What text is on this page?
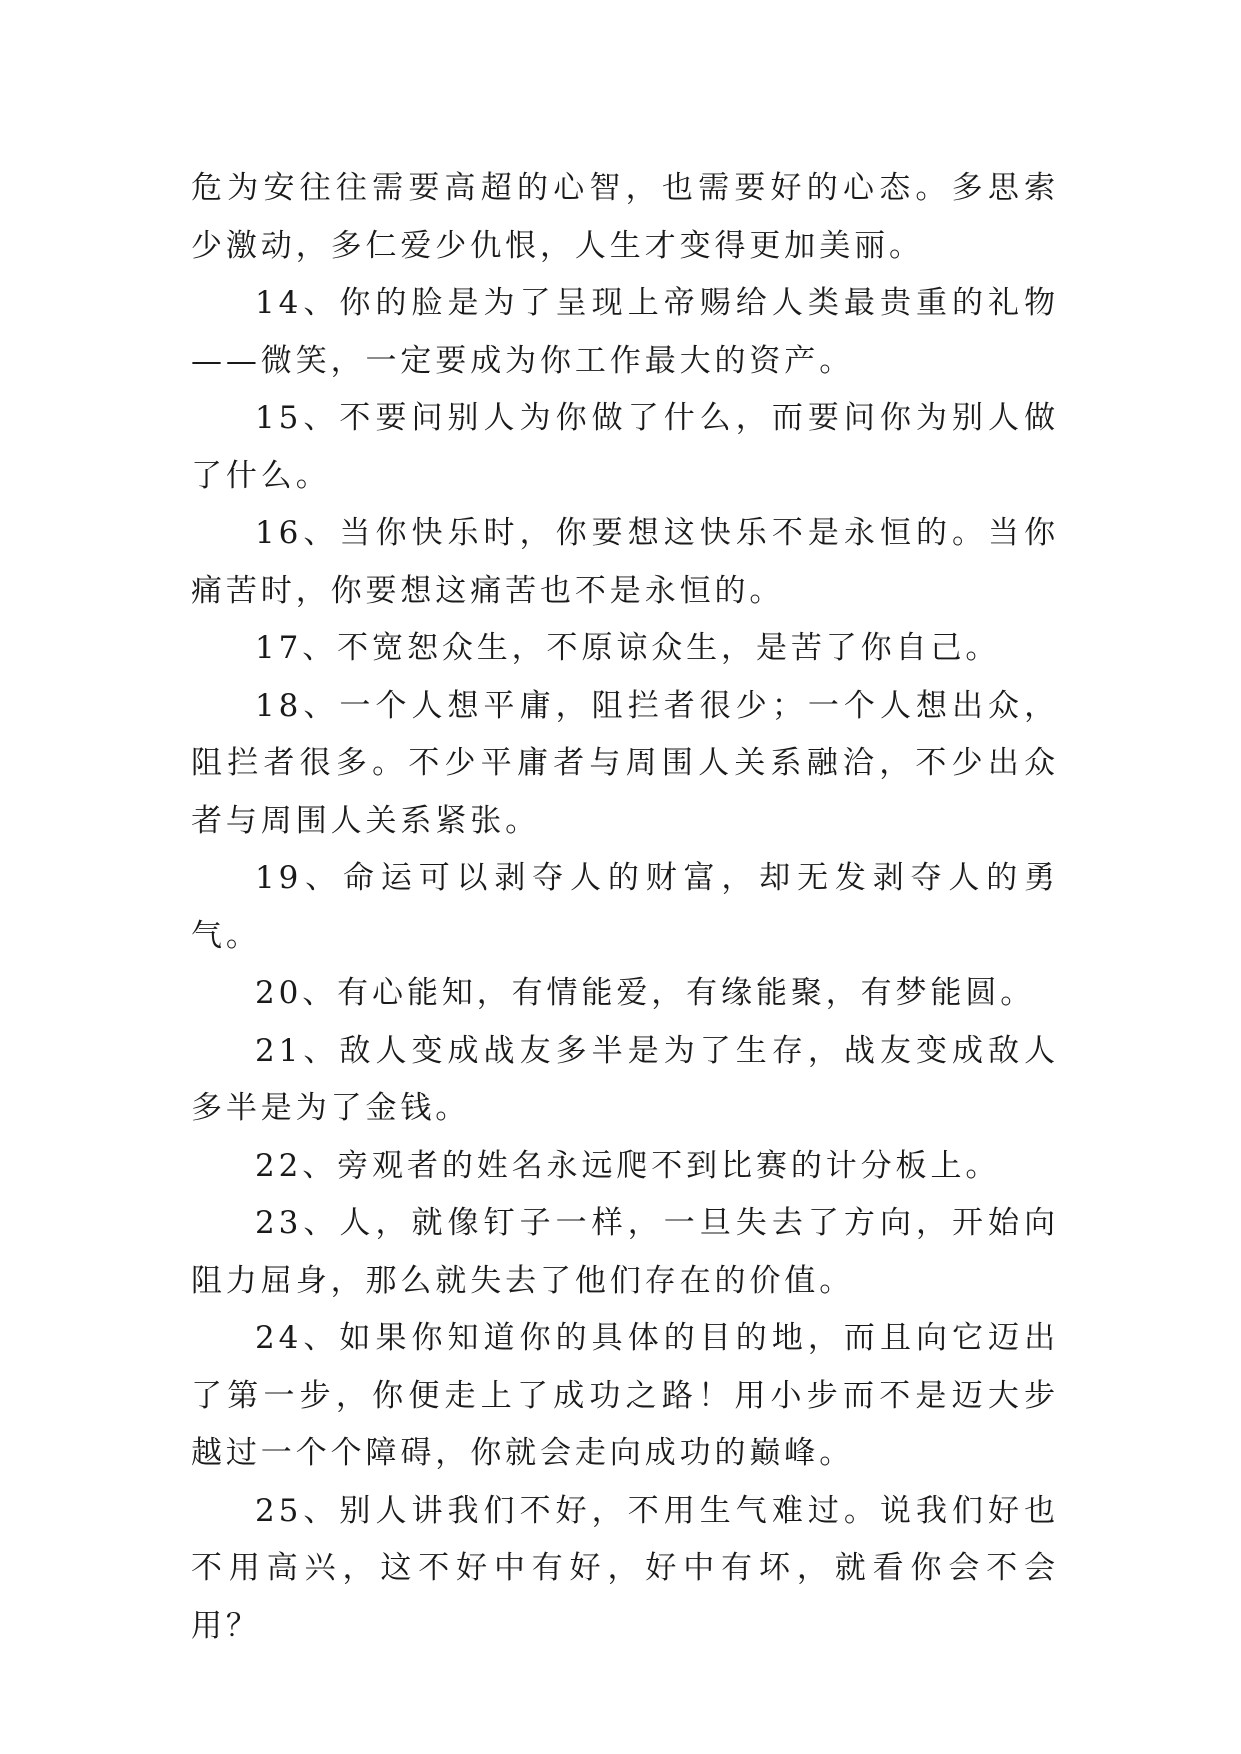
危为安往往需要高超的心智，也需要好的心态。多思索少激动，多仁爱少仇恨，人生才变得更加美丽。

14、你的脸是为了呈现上帝赐给人类最贵重的礼物——微笑，一定要成为你工作最大的资产。

15、不要问别人为你做了什么，而要问你为别人做了什么。

16、当你快乐时，你要想这快乐不是永恒的。当你痛苦时，你要想这痛苦也不是永恒的。

17、不宽恕众生，不原谅众生，是苦了你自己。

18、一个人想平庸，阻拦者很少；一个人想出众，阻拦者很多。不少平庸者与周围人关系融洽，不少出众者与周围人关系紧张。

19、命运可以剥夺人的财富，却无发剥夺人的勇气。

20、有心能知，有情能爱，有缘能聚，有梦能圆。

21、敌人变成战友多半是为了生存，战友变成敌人多半是为了金钱。

22、旁观者的姓名永远爬不到比赛的计分板上。

23、人，就像钉子一样，一旦失去了方向，开始向阻力屈身，那么就失去了他们存在的价值。

24、如果你知道你的具体的目的地，而且向它迈出了第一步，你便走上了成功之路！用小步而不是迈大步越过一个个障碍，你就会走向成功的巅峰。

25、别人讲我们不好，不用生气难过。说我们好也不用高兴，这不好中有好，好中有坏，就看你会不会用？
